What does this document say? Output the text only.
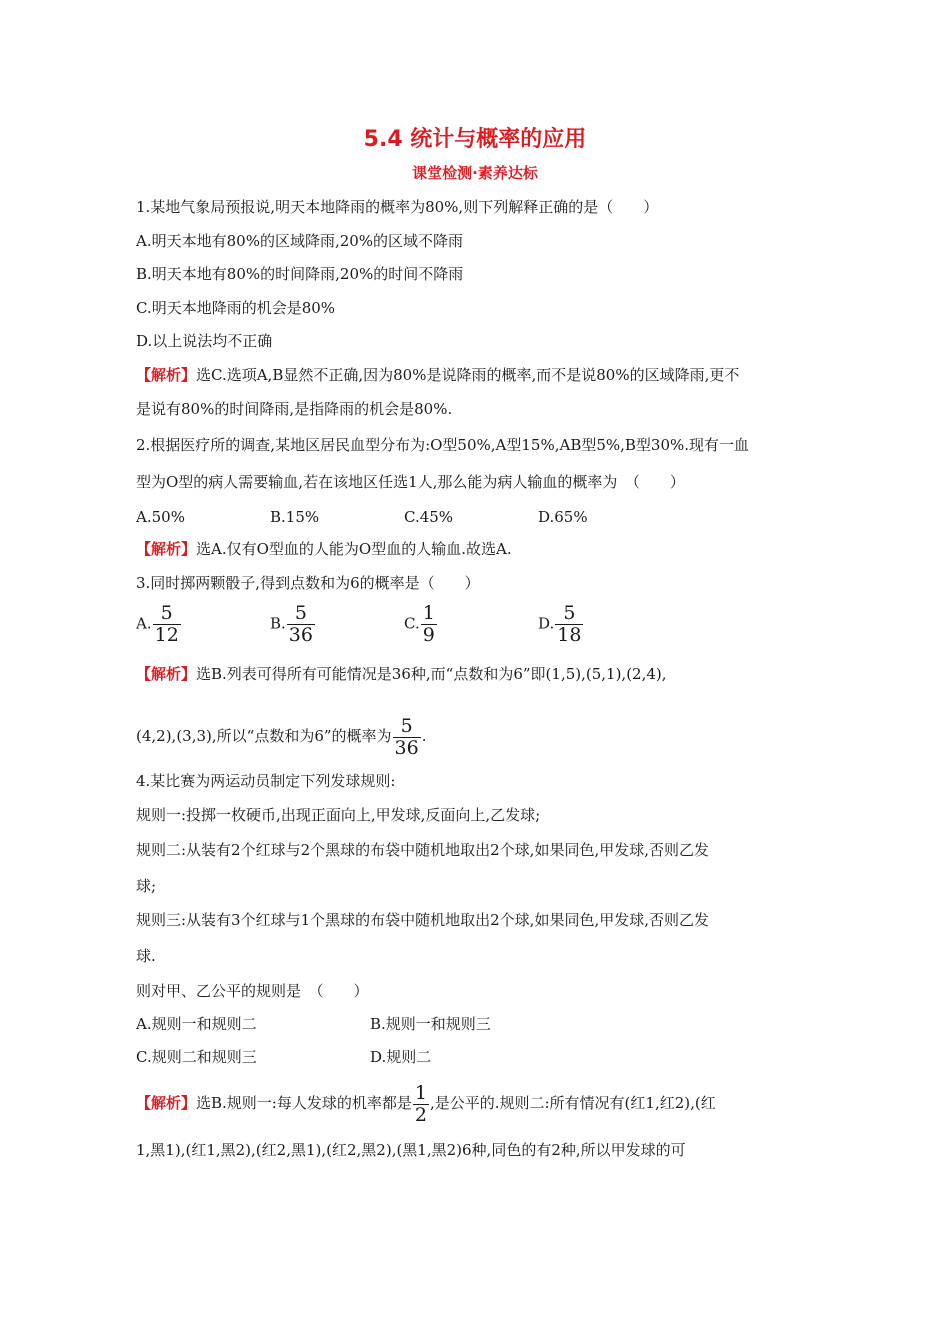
5.4 统计与概率的应用
课堂检测·素养达标
1.某地气象局预报说,明天本地降雨的概率为80%,则下列解释正确的是（　　）
A.明天本地有80%的区域降雨,20%的区域不降雨
B.明天本地有80%的时间降雨,20%的时间不降雨
C.明天本地降雨的机会是80%
D.以上说法均不正确
【解析】选C.选项A,B显然不正确,因为80%是说降雨的概率,而不是说80%的区域降雨,更不
是说有80%的时间降雨,是指降雨的机会是80%.
2.根据医疗所的调查,某地区居民血型分布为:O型50%,A型15%,AB型5%,B型30%.现有一血
型为O型的病人需要输血,若在该地区任选1人,那么能为病人输血的概率为　（　　）
A.50%	B.15%	C.45%	D.65%
【解析】选A.仅有O型血的人能为O型血的人输血.故选A.
3.同时掷两颗骰子,得到点数和为6的概率是（　　）
A. $\frac{5}{12}$	B. $\frac{5}{36}$	C. $\frac{1}{9}$	D. $\frac{5}{18}$
【解析】选B.列表可得所有可能情况是36种,而“点数和为6”即(1,5),(5,1),(2,4),
(4,2),(3,3),所以“点数和为6”的概率为 $\frac{5}{36}$ .
4.某比赛为两运动员制定下列发球规则:
规则一:投掷一枚硬币,出现正面向上,甲发球,反面向上,乙发球;
规则二:从装有2个红球与2个黑球的布袋中随机地取出2个球,如果同色,甲发球,否则乙发
球;
规则三:从装有3个红球与1个黑球的布袋中随机地取出2个球,如果同色,甲发球,否则乙发
球.
则对甲、乙公平的规则是　（　　）
A.规则一和规则二	B.规则一和规则三
C.规则二和规则三	D.规则二
【解析】选B.规则一:每人发球的机率都是 $\frac{1}{2}$ ,是公平的.规则二:所有情况有(红1,红2),(红
1,黑1),(红1,黑2),(红2,黑1),(红2,黑2),(黑1,黑2)6种,同色的有2种,所以甲发球的可
